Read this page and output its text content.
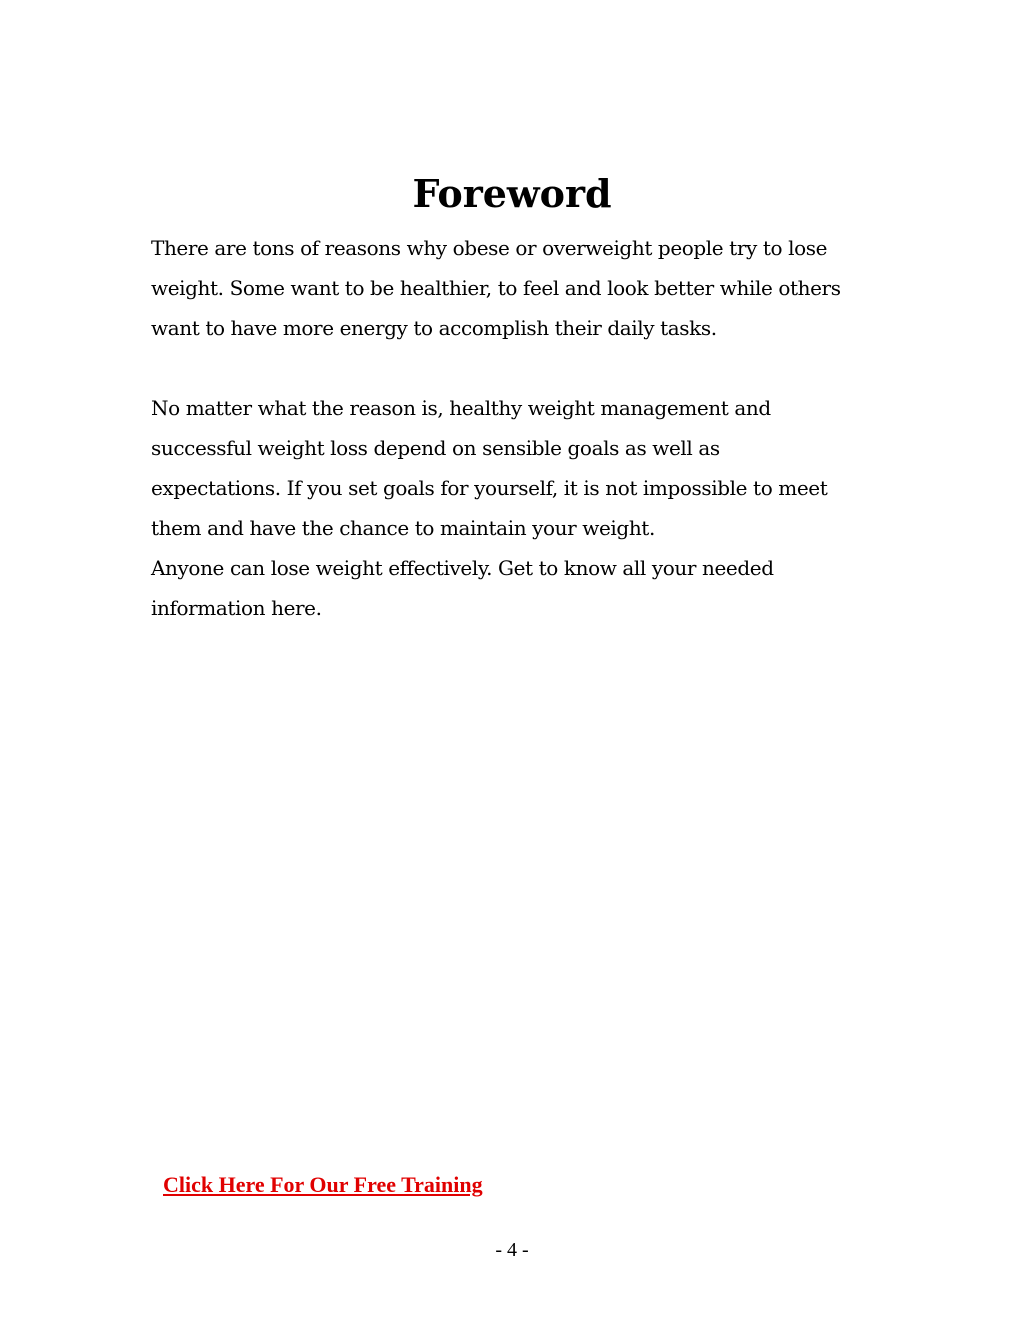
Foreword
There are tons of reasons why obese or overweight people try to lose
weight. Some want to be healthier, to feel and look better while others
want to have more energy to accomplish their daily tasks.
No matter what the reason is, healthy weight management and
successful weight loss depend on sensible goals as well as
expectations. If you set goals for yourself, it is not impossible to meet
them and have the chance to maintain your weight.
Anyone can lose weight effectively. Get to know all your needed
information here.
Click Here For Our Free Training
- 4 -
